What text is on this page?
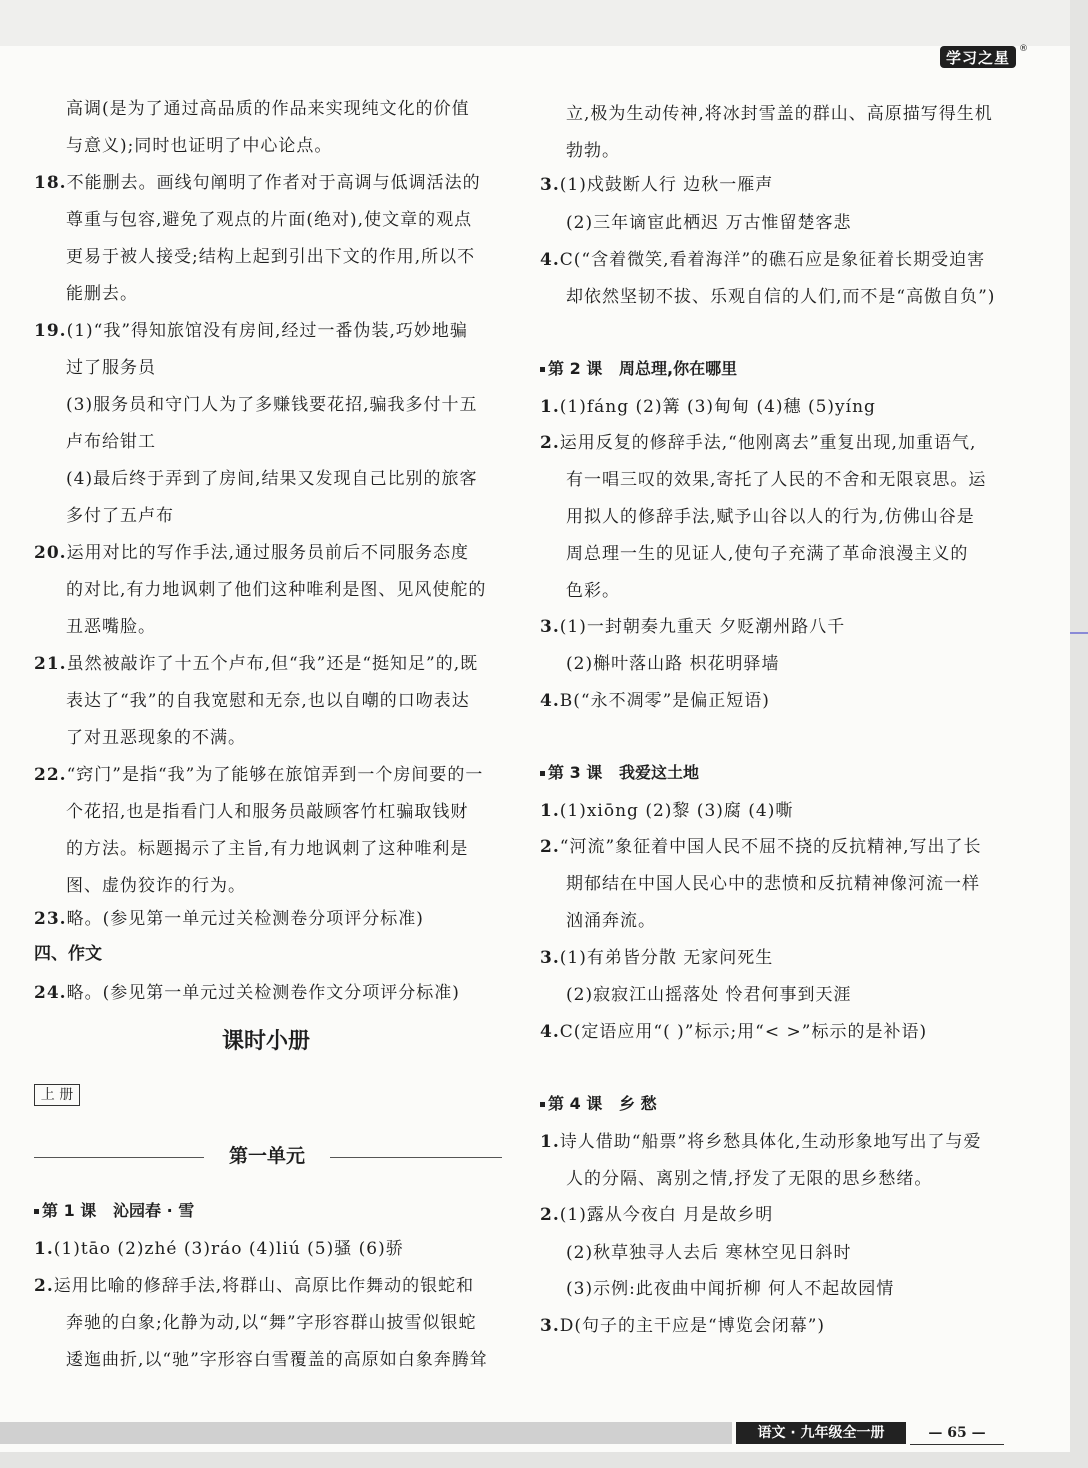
学习之星	®
高调(是为了通过高品质的作品来实现纯文化的价值
与意义);同时也证明了中心论点。
18.不能删去。画线句阐明了作者对于高调与低调活法的
尊重与包容,避免了观点的片面(绝对),使文章的观点
更易于被人接受;结构上起到引出下文的作用,所以不
能删去。
19.(1)“我”得知旅馆没有房间,经过一番伪装,巧妙地骗
过了服务员
(3)服务员和守门人为了多赚钱要花招,骗我多付十五
卢布给钳工
(4)最后终于弄到了房间,结果又发现自己比别的旅客
多付了五卢布
20.运用对比的写作手法,通过服务员前后不同服务态度
的对比,有力地讽刺了他们这种唯利是图、见风使舵的
丑恶嘴脸。
21.虽然被敲诈了十五个卢布,但“我”还是“挺知足”的,既
表达了“我”的自我宽慰和无奈,也以自嘲的口吻表达
了对丑恶现象的不满。
22.“窍门”是指“我”为了能够在旅馆弄到一个房间要的一
个花招,也是指看门人和服务员敲顾客竹杠骗取钱财
的方法。标题揭示了主旨,有力地讽刺了这种唯利是
图、虚伪狡诈的行为。
23.略。(参见第一单元过关检测卷分项评分标准)
四、作文
24.略。(参见第一单元过关检测卷作文分项评分标准)
课时小册
上 册
第一单元
第 1 课 沁园春 · 雪
1.(1)tāo (2)zhé (3)ráo (4)liú (5)骚 (6)骄
2.运用比喻的修辞手法,将群山、高原比作舞动的银蛇和
奔驰的白象;化静为动,以“舞”字形容群山披雪似银蛇
逶迤曲折,以“驰”字形容白雪覆盖的高原如白象奔腾耸
立,极为生动传神,将冰封雪盖的群山、高原描写得生机
勃勃。
3.(1)戍鼓断人行 边秋一雁声
(2)三年谪宦此栖迟 万古惟留楚客悲
4.C(“含着微笑,看着海洋”的礁石应是象征着长期受迫害
却依然坚韧不拔、乐观自信的人们,而不是“高傲自负”)
第 2 课 周总理,你在哪里
1.(1)fáng (2)篝 (3)甸甸 (4)穗 (5)yíng
2.运用反复的修辞手法,“他刚离去”重复出现,加重语气,
有一唱三叹的效果,寄托了人民的不舍和无限哀思。运
用拟人的修辞手法,赋予山谷以人的行为,仿佛山谷是
周总理一生的见证人,使句子充满了革命浪漫主义的
色彩。
3.(1)一封朝奏九重天 夕贬潮州路八千
(2)槲叶落山路 枳花明驿墙
4.B(“永不凋零”是偏正短语)
第 3 课 我爱这土地
1.(1)xiōng (2)黎 (3)腐 (4)嘶
2.“河流”象征着中国人民不屈不挠的反抗精神,写出了长
期郁结在中国人民心中的悲愤和反抗精神像河流一样
汹涌奔流。
3.(1)有弟皆分散 无家问死生
(2)寂寂江山摇落处 怜君何事到天涯
4.C(定语应用“( )”标示;用“< >”标示的是补语)
第 4 课 乡 愁
1.诗人借助“船票”将乡愁具体化,生动形象地写出了与爱
人的分隔、离别之情,抒发了无限的思乡愁绪。
2.(1)露从今夜白 月是故乡明
(2)秋草独寻人去后 寒林空见日斜时
(3)示例:此夜曲中闻折柳 何人不起故园情
3.D(句子的主干应是“博览会闭幕”)
语文 · 九年级全一册	— 65 —
